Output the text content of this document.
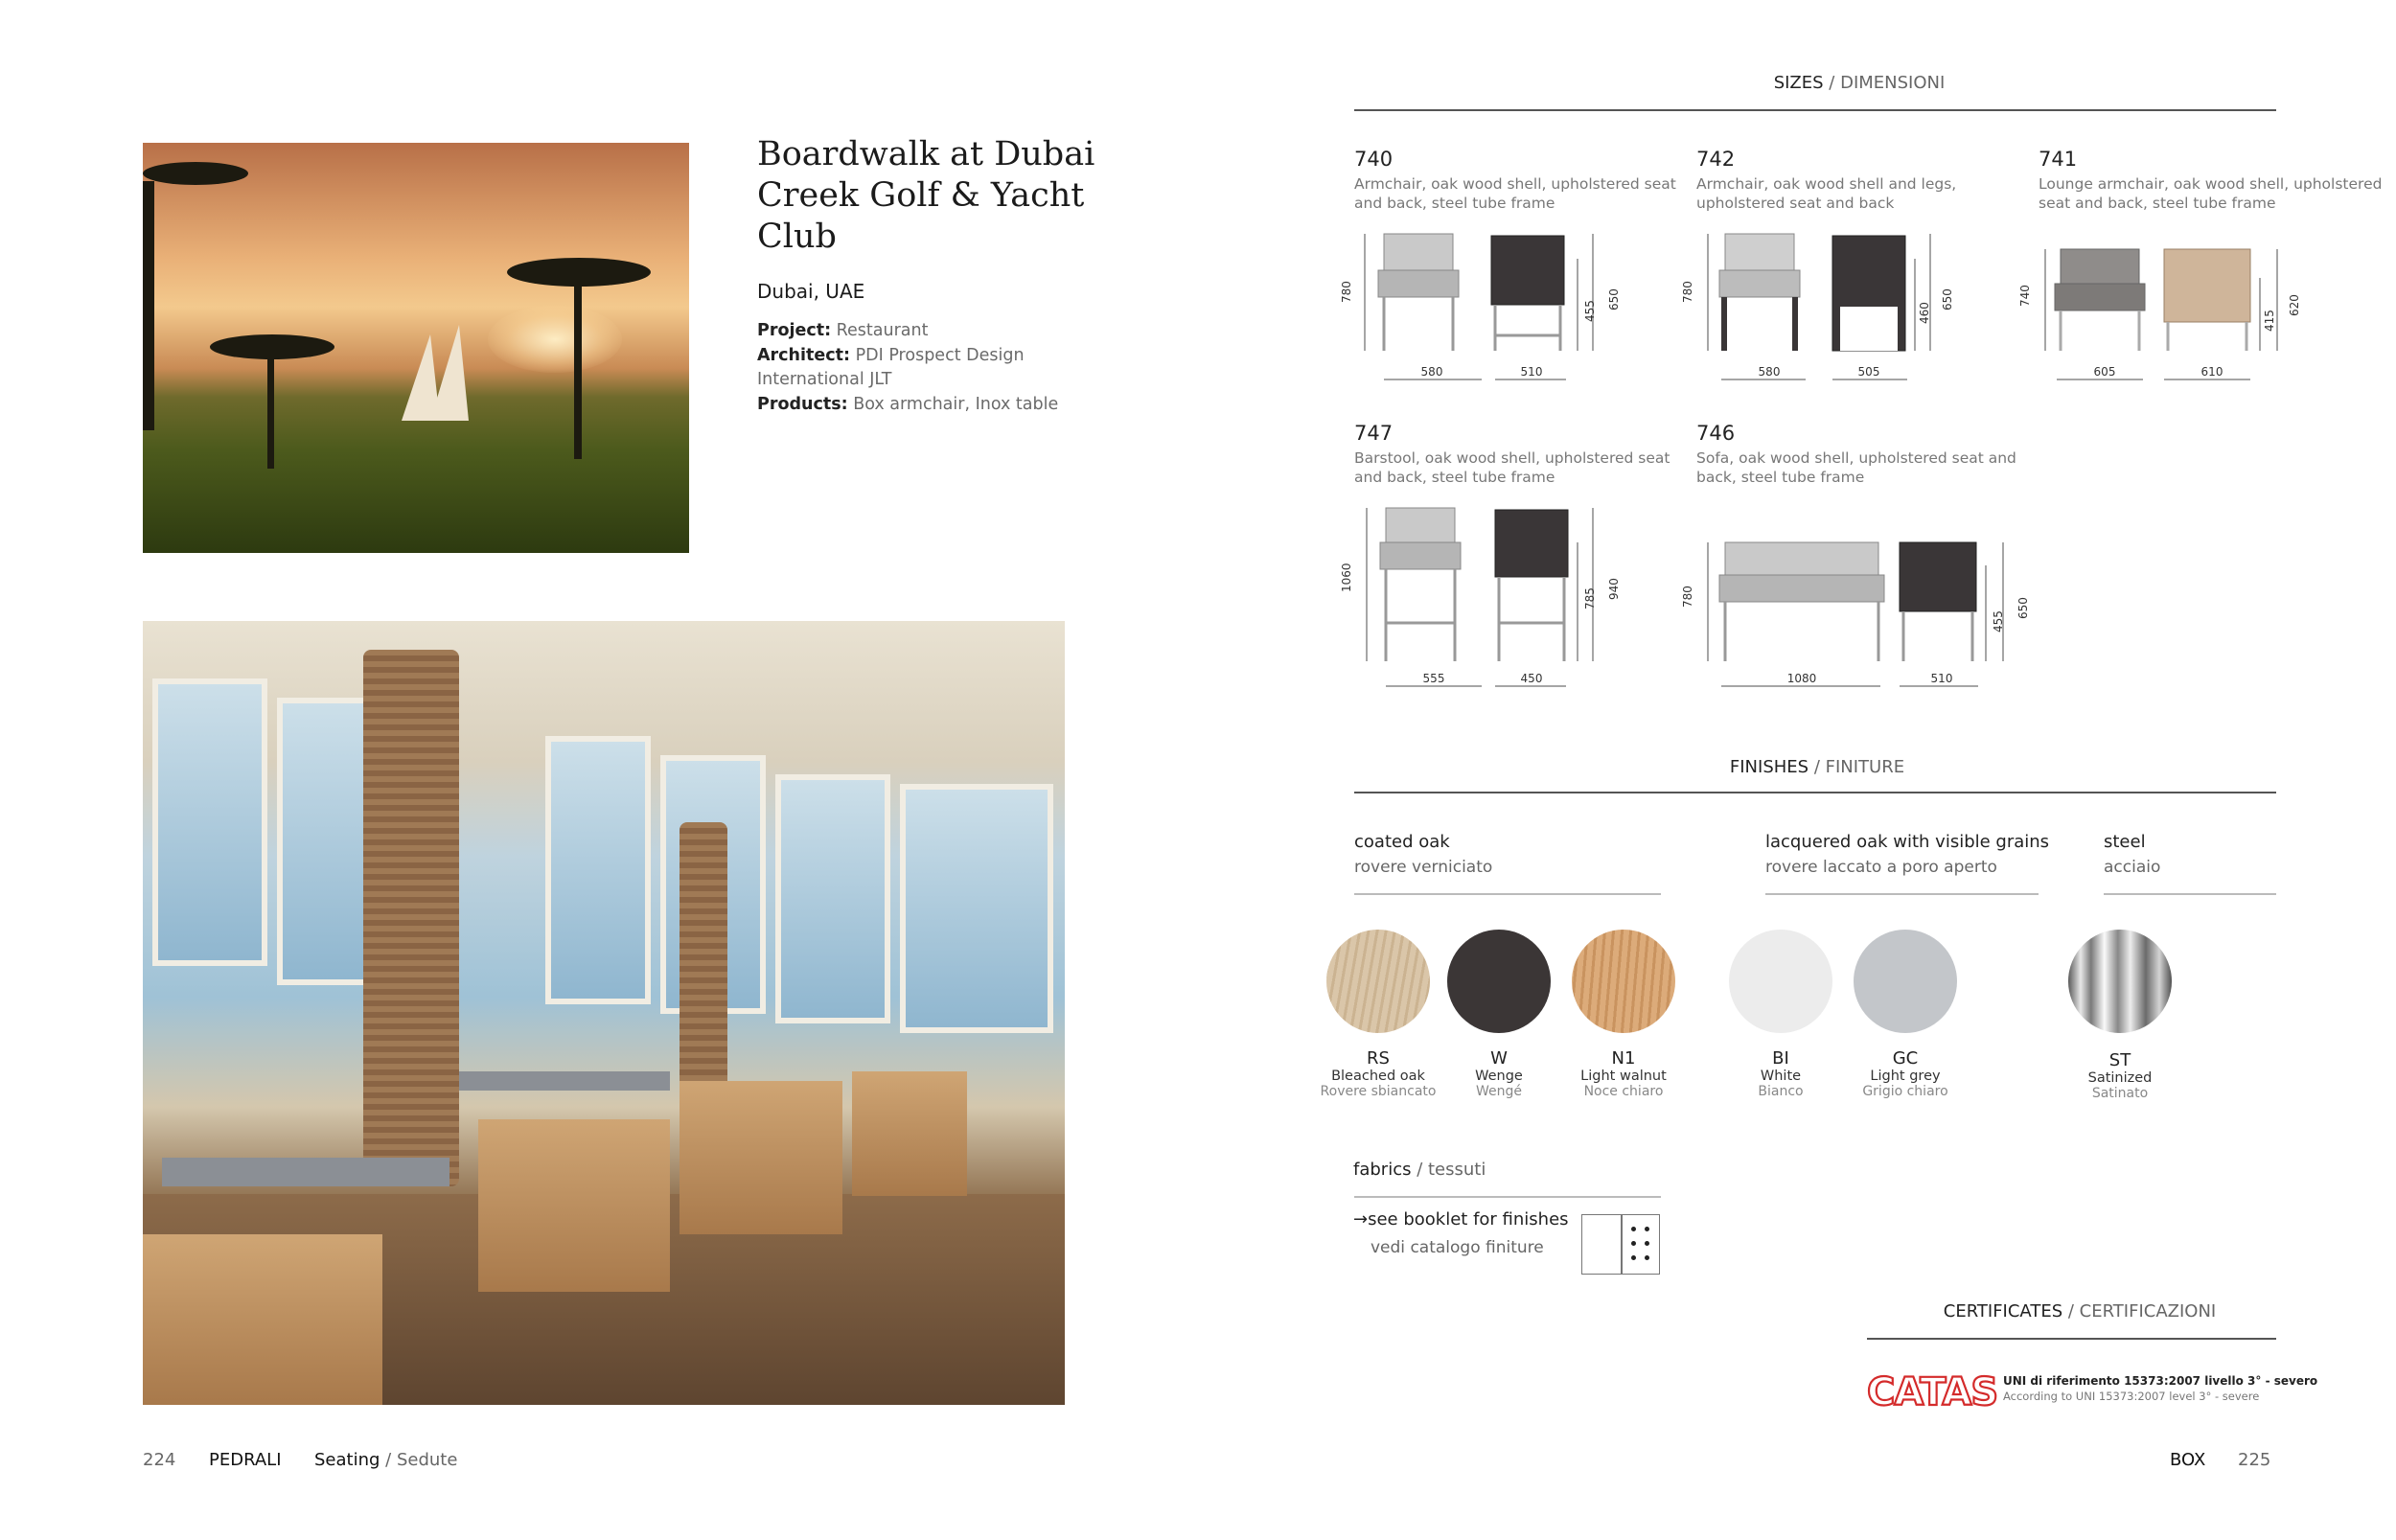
Boardwalk at Dubai Creek Golf & Yacht Club
Dubai, UAE
Project: Restaurant
Architect: PDI Prospect Design International JLT
Products: Box armchair, Inox table
SIZES / DIMENSIONI
740
Armchair, oak wood shell, upholstered seat and back, steel tube frame
742
Armchair, oak wood shell and legs, upholstered seat and back
741
Lounge armchair, oak wood shell, upholstered seat and back, steel tube frame
747
Barstool, oak wood shell, upholstered seat and back, steel tube frame
746
Sofa, oak wood shell, upholstered seat and back, steel tube frame
580	510
780
455
650
580	505
780
460
650
605	610
740
415
620
555	450
1060
785 940
1080	510
780
455
650
FINISHES / FINITURE
coated oak
rovere verniciato
lacquered oak with visible grains
rovere laccato a poro aperto
steel
acciaio
RS
Bleached oak
Rovere sbiancato
W
Wenge
Wengé
N1
Light walnut
Noce chiaro
BI
White
Bianco
GC
Light grey
Grigio chiaro
ST
Satinized
Satinato
fabrics / tessuti
→see booklet for finishes
vedi catalogo finiture
CERTIFICATES / CERTIFICAZIONI
CATAS UNI di riferimento 15373:2007 livello 3° - severo
According to UNI 15373:2007 level 3° - severe
224 PEDRALI Seating / Sedute	BOX 225
